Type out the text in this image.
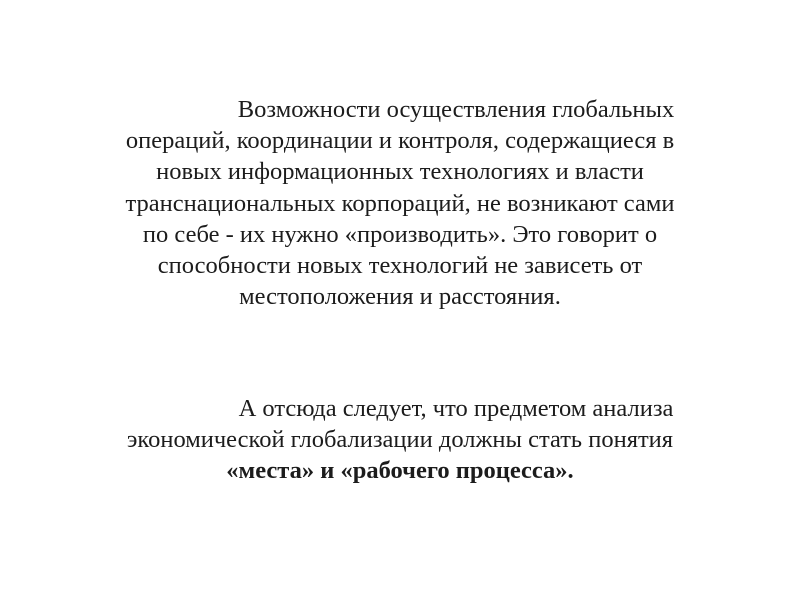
Возможности осуществления глобальных
операций, координации и контроля, содержащиеся в
новых информационных технологиях и власти
транснациональных корпораций, не возникают сами
по себе - их нужно «производить». Это говорит о
способности новых технологий не зависеть от
местоположения и расстояния.
А отсюда следует, что предметом анализа
экономической глобализации должны стать понятия
«места» и «рабочего процесса».
